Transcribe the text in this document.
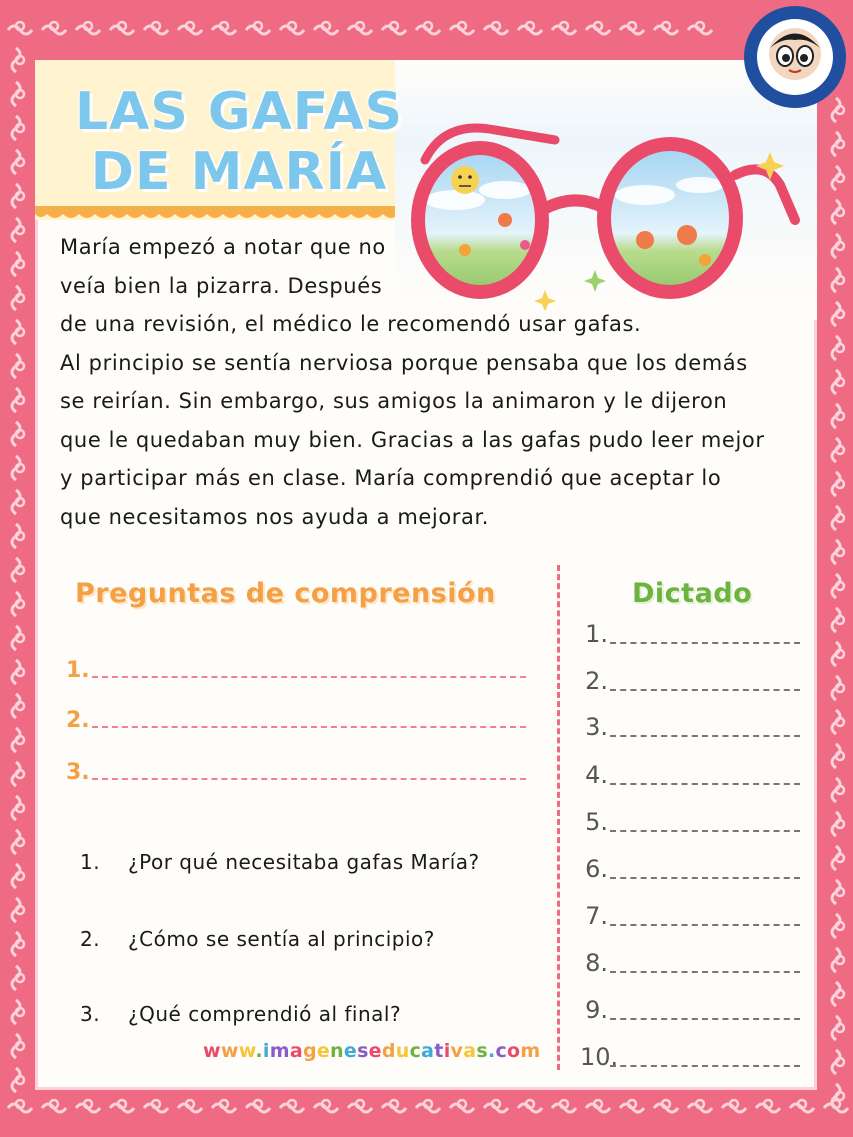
LAS GAFAS
DE MARÍA
María empezó a notar que no
veía bien la pizarra. Después
de una revisión, el médico le recomendó usar gafas.
Al principio se sentía nerviosa porque pensaba que los demás
se reirían. Sin embargo, sus amigos la animaron y le dijeron
que le quedaban muy bien. Gracias a las gafas pudo leer mejor
y participar más en clase. María comprendió que aceptar lo
que necesitamos nos ayuda a mejorar.
Preguntas de comprensión	Dictado
1.
2.
3.
1. ¿Por qué necesitaba gafas María?
2. ¿Cómo se sentía al principio?
3. ¿Qué comprendió al final?
1.
2.
3.
4.
5.
6.
7.
8.
9.
10.
www.imageneseducativas.com
